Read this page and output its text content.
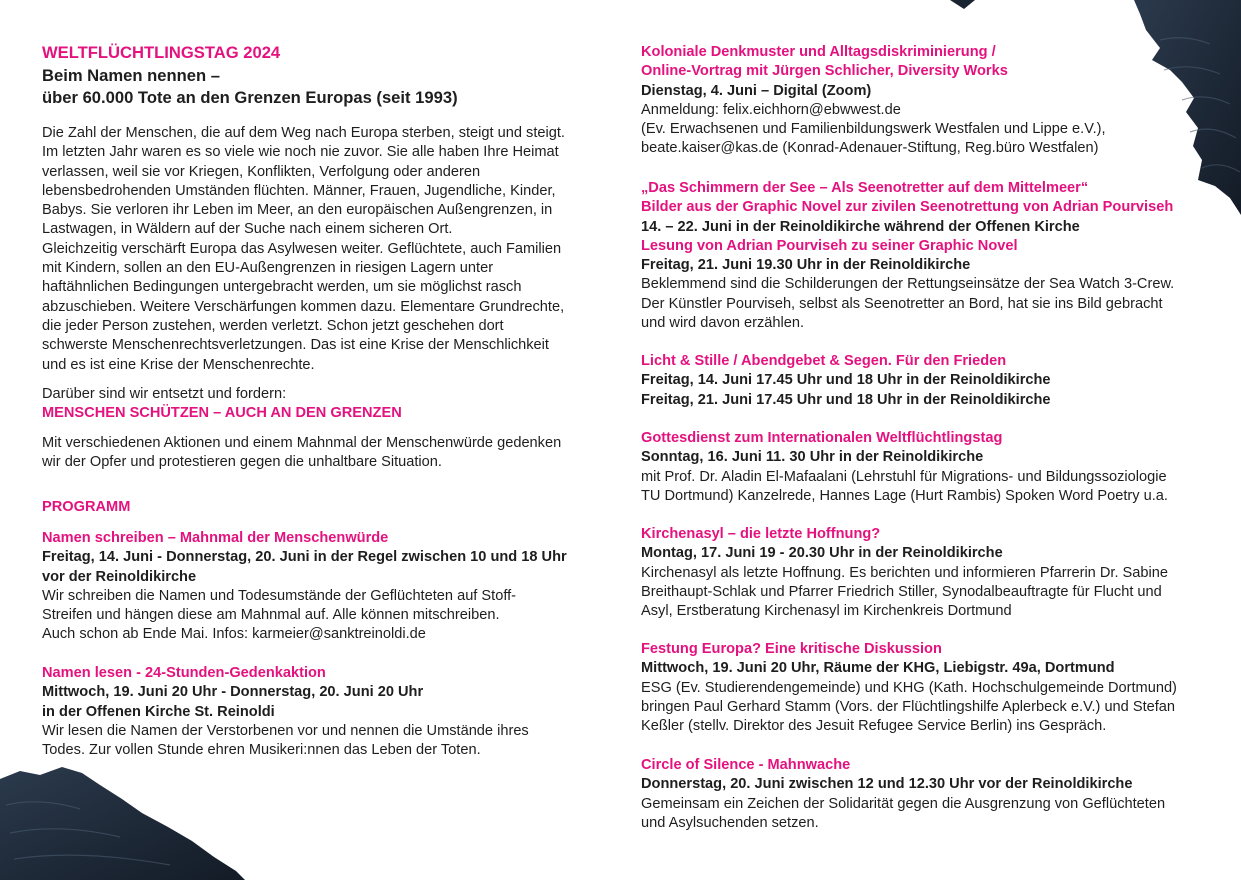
WELTFLÜCHTLINGSTAG 2024
Beim Namen nennen –
über 60.000 Tote an den Grenzen Europas (seit 1993)
Die Zahl der Menschen, die auf dem Weg nach Europa sterben, steigt und steigt.
Im letzten Jahr waren es so viele wie noch nie zuvor. Sie alle haben Ihre Heimat
verlassen, weil sie vor Kriegen, Konflikten, Verfolgung oder anderen
lebensbedrohenden Umständen flüchten. Männer, Frauen, Jugendliche, Kinder,
Babys. Sie verloren ihr Leben im Meer, an den europäischen Außengrenzen, in
Lastwagen, in Wäldern auf der Suche nach einem sicheren Ort.
Gleichzeitig verschärft Europa das Asylwesen weiter. Geflüchtete, auch Familien
mit Kindern, sollen an den EU-Außengrenzen in riesigen Lagern unter
haftähnlichen Bedingungen untergebracht werden, um sie möglichst rasch
abzuschieben. Weitere Verschärfungen kommen dazu. Elementare Grundrechte,
die jeder Person zustehen, werden verletzt. Schon jetzt geschehen dort
schwerste Menschenrechtsverletzungen. Das ist eine Krise der Menschlichkeit
und es ist eine Krise der Menschenrechte.
Darüber sind wir entsetzt und fordern:
MENSCHEN SCHÜTZEN – AUCH AN DEN GRENZEN
Mit verschiedenen Aktionen und einem Mahnmal der Menschenwürde gedenken
wir der Opfer und protestieren gegen die unhaltbare Situation.
PROGRAMM
Namen schreiben – Mahnmal der Menschenwürde
Freitag, 14. Juni - Donnerstag, 20. Juni in der Regel zwischen 10 und 18 Uhr
vor der Reinoldikirche
Wir schreiben die Namen und Todesumstände der Geflüchteten auf Stoff-
Streifen und hängen diese am Mahnmal auf. Alle können mitschreiben.
Auch schon ab Ende Mai. Infos: karmeier@sanktreinoldi.de
Namen lesen - 24-Stunden-Gedenkaktion
Mittwoch, 19. Juni 20 Uhr - Donnerstag, 20. Juni 20 Uhr
in der Offenen Kirche St. Reinoldi
Wir lesen die Namen der Verstorbenen vor und nennen die Umstände ihres
Todes. Zur vollen Stunde ehren Musikeri:nnen das Leben der Toten.
Koloniale Denkmuster und Alltagsdiskriminierung /
Online-Vortrag mit Jürgen Schlicher, Diversity Works
Dienstag, 4. Juni – Digital (Zoom)
Anmeldung: felix.eichhorn@ebwwest.de
(Ev. Erwachsenen und Familienbildungswerk Westfalen und Lippe e.V.),
beate.kaiser@kas.de (Konrad-Adenauer-Stiftung, Reg.büro Westfalen)
„Das Schimmern der See – Als Seenotretter auf dem Mittelmeer“
Bilder aus der Graphic Novel zur zivilen Seenotrettung von Adrian Pourviseh
14. – 22. Juni in der Reinoldikirche während der Offenen Kirche
Lesung von Adrian Pourviseh zu seiner Graphic Novel
Freitag, 21. Juni 19.30 Uhr in der Reinoldikirche
Beklemmend sind die Schilderungen der Rettungseinsätze der Sea Watch 3-Crew.
Der Künstler Pourviseh, selbst als Seenotretter an Bord, hat sie ins Bild gebracht
und wird davon erzählen.
Licht & Stille / Abendgebet & Segen. Für den Frieden
Freitag, 14. Juni 17.45 Uhr und 18 Uhr in der Reinoldikirche
Freitag, 21. Juni 17.45 Uhr und 18 Uhr in der Reinoldikirche
Gottesdienst zum Internationalen Weltflüchtlingstag
Sonntag, 16. Juni 11. 30 Uhr in der Reinoldikirche
mit Prof. Dr. Aladin El-Mafaalani (Lehrstuhl für Migrations- und Bildungssoziologie
TU Dortmund) Kanzelrede, Hannes Lage (Hurt Rambis) Spoken Word Poetry u.a.
Kirchenasyl – die letzte Hoffnung?
Montag, 17. Juni 19 - 20.30 Uhr in der Reinoldikirche
Kirchenasyl als letzte Hoffnung. Es berichten und informieren Pfarrerin Dr. Sabine
Breithaupt-Schlak und Pfarrer Friedrich Stiller, Synodalbeauftragte für Flucht und
Asyl, Erstberatung Kirchenasyl im Kirchenkreis Dortmund
Festung Europa? Eine kritische Diskussion
Mittwoch, 19. Juni 20 Uhr, Räume der KHG, Liebigstr. 49a, Dortmund
ESG (Ev. Studierendengemeinde) und KHG (Kath. Hochschulgemeinde Dortmund)
bringen Paul Gerhard Stamm (Vors. der Flüchtlingshilfe Aplerbeck e.V.) und Stefan
Keßler (stellv. Direktor des Jesuit Refugee Service Berlin) ins Gespräch.
Circle of Silence - Mahnwache
Donnerstag, 20. Juni zwischen 12 und 12.30 Uhr vor der Reinoldikirche
Gemeinsam ein Zeichen der Solidarität gegen die Ausgrenzung von Geflüchteten
und Asylsuchenden setzen.
